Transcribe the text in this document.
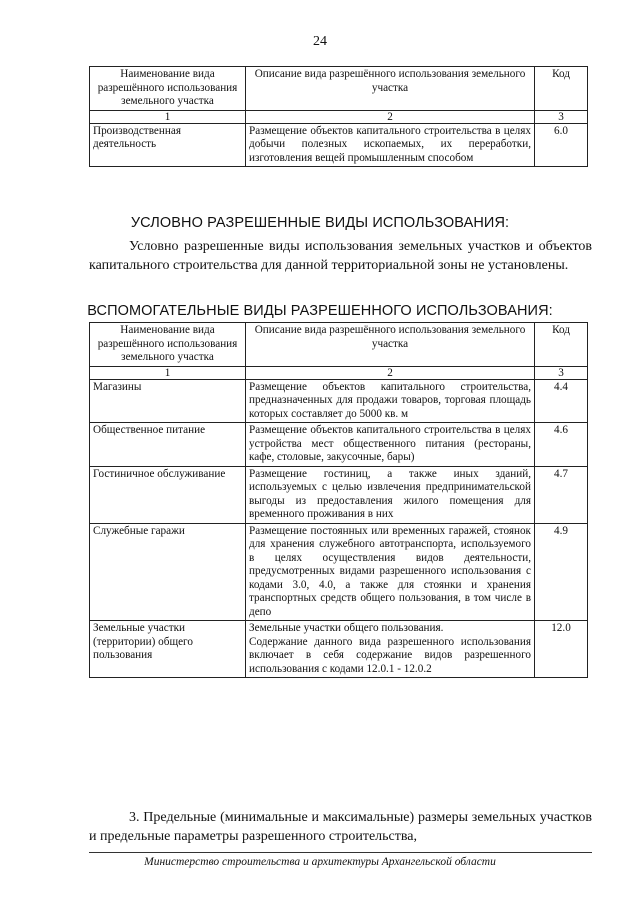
24
Наименование вида разрешённого использования земельного участка	Описание вида разрешённого использования земельного участка	Код
1	2	3
Производственная деятельность	Размещение объектов капитального строительства в целях добычи полезных ископаемых, их переработки, изготовления вещей промышленным способом	6.0
УСЛОВНО РАЗРЕШЕННЫЕ ВИДЫ ИСПОЛЬЗОВАНИЯ:
Условно разрешенные виды использования земельных участков и объектов капитального строительства для данной территориальной зоны не установлены.
ВСПОМОГАТЕЛЬНЫЕ ВИДЫ РАЗРЕШЕННОГО ИСПОЛЬЗОВАНИЯ:
Наименование вида разрешённого использования земельного участка	Описание вида разрешённого использования земельного участка	Код
1	2	3
Магазины	Размещение объектов капитального строительства, предназначенных для продажи товаров, торговая площадь которых составляет до 5000 кв. м	4.4
Общественное питание	Размещение объектов капитального строительства в целях устройства мест общественного питания (рестораны, кафе, столовые, закусочные, бары)	4.6
Гостиничное обслуживание	Размещение гостиниц, а также иных зданий, используемых с целью извлечения предпринимательской выгоды из предоставления жилого помещения для временного проживания в них	4.7
Служебные гаражи	Размещение постоянных или временных гаражей, стоянок для хранения служебного автотранспорта, используемого в целях осуществления видов деятельности, предусмотренных видами разрешенного использования с кодами 3.0, 4.0, а также для стоянки и хранения транспортных средств общего пользования, в том числе в депо	4.9
Земельные участки (территории) общего пользования	Земельные участки общего пользования.
Содержание данного вида разрешенного использования включает в себя содержание видов разрешенного использования с кодами 12.0.1 - 12.0.2	12.0
3. Предельные (минимальные и максимальные) размеры земельных участков и предельные параметры разрешенного строительства,
Министерство строительства и архитектуры Архангельской области
